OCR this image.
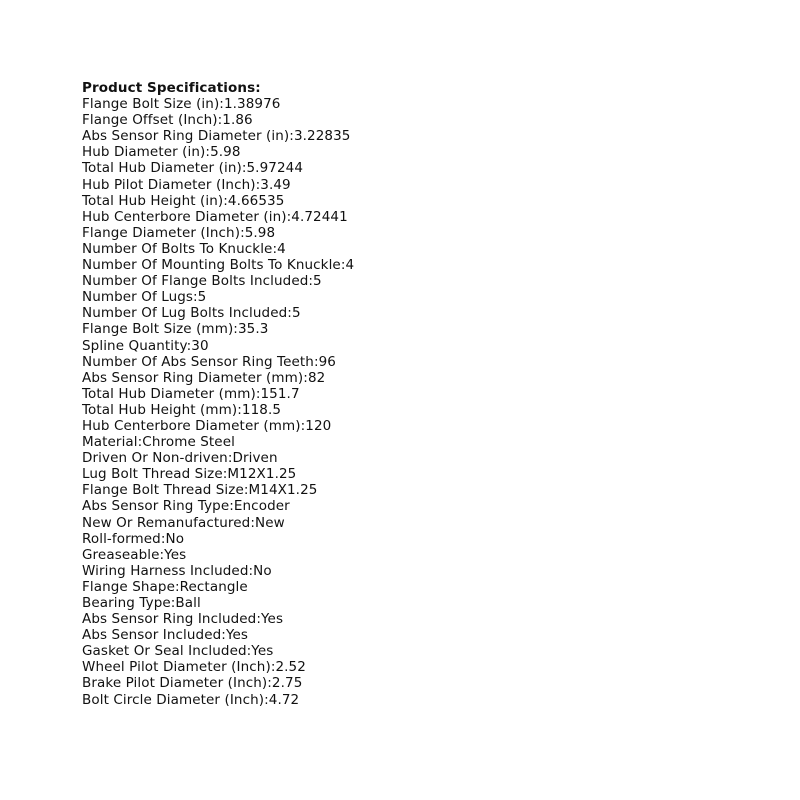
Product Specifications:
Flange Bolt Size (in):1.38976
Flange Offset (Inch):1.86
Abs Sensor Ring Diameter (in):3.22835
Hub Diameter (in):5.98
Total Hub Diameter (in):5.97244
Hub Pilot Diameter (Inch):3.49
Total Hub Height (in):4.66535
Hub Centerbore Diameter (in):4.72441
Flange Diameter (Inch):5.98
Number Of Bolts To Knuckle:4
Number Of Mounting Bolts To Knuckle:4
Number Of Flange Bolts Included:5
Number Of Lugs:5
Number Of Lug Bolts Included:5
Flange Bolt Size (mm):35.3
Spline Quantity:30
Number Of Abs Sensor Ring Teeth:96
Abs Sensor Ring Diameter (mm):82
Total Hub Diameter (mm):151.7
Total Hub Height (mm):118.5
Hub Centerbore Diameter (mm):120
Material:Chrome Steel
Driven Or Non-driven:Driven
Lug Bolt Thread Size:M12X1.25
Flange Bolt Thread Size:M14X1.25
Abs Sensor Ring Type:Encoder
New Or Remanufactured:New
Roll-formed:No
Greaseable:Yes
Wiring Harness Included:No
Flange Shape:Rectangle
Bearing Type:Ball
Abs Sensor Ring Included:Yes
Abs Sensor Included:Yes
Gasket Or Seal Included:Yes
Wheel Pilot Diameter (Inch):2.52
Brake Pilot Diameter (Inch):2.75
Bolt Circle Diameter (Inch):4.72
